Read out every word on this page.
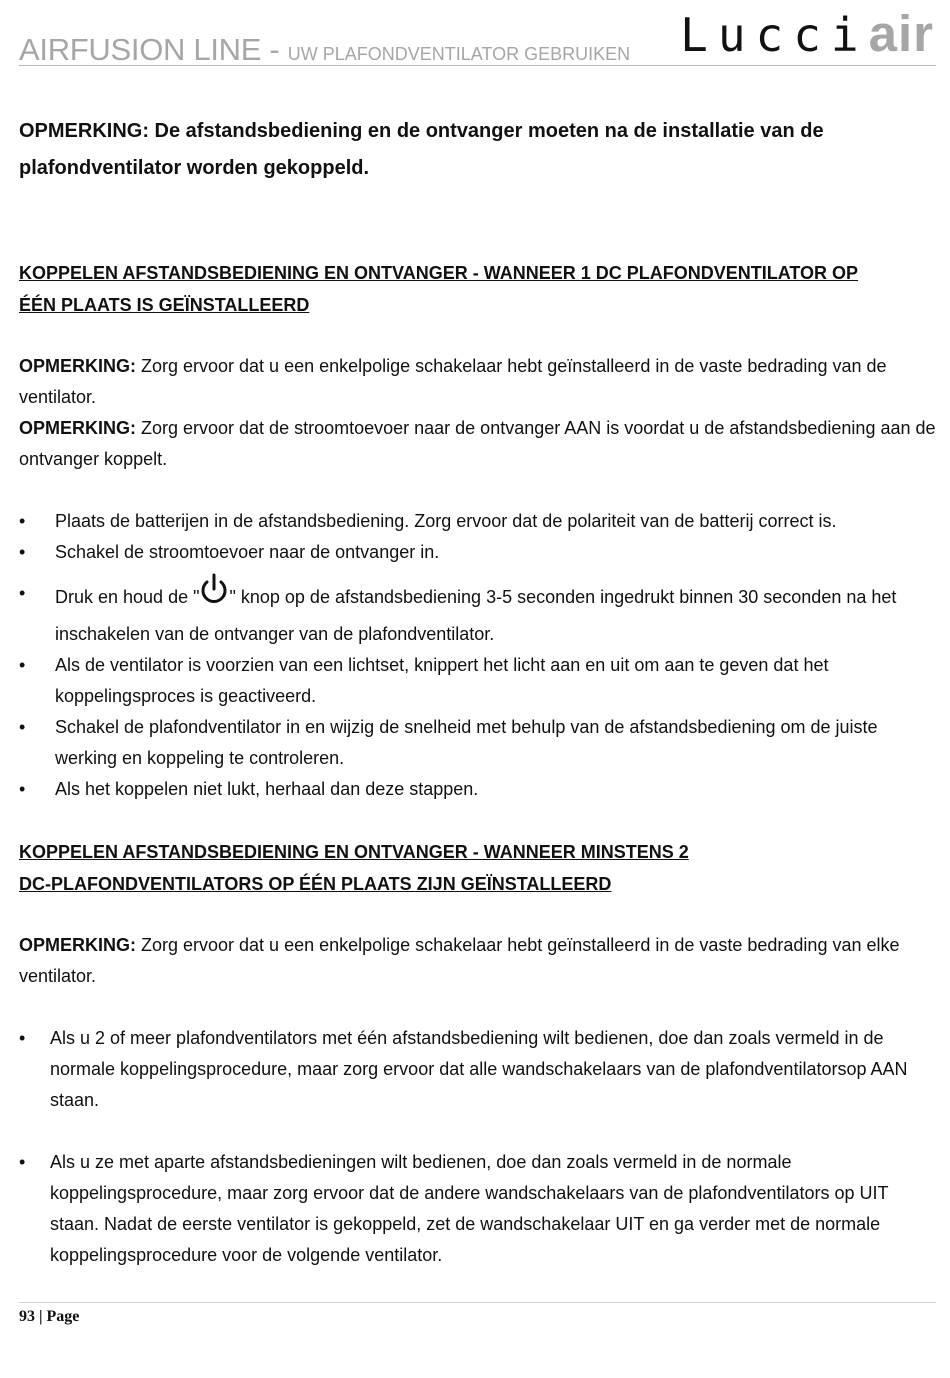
AIRFUSION LINE - UW PLAFONDVENTILATOR GEBRUIKEN Lucciair

OPMERKING: De afstandsbediening en de ontvanger moeten na de installatie van de plafondventilator worden gekoppeld.

KOPPELEN AFSTANDSBEDIENING EN ONTVANGER - WANNEER 1 DC PLAFONDVENTILATOR OP
ÉÉN PLAATS IS GEÏNSTALLEERD

OPMERKING: Zorg ervoor dat u een enkelpolige schakelaar hebt geïnstalleerd in de vaste bedrading van de ventilator.

OPMERKING: Zorg ervoor dat de stroomtoevoer naar de ontvanger AAN is voordat u de afstandsbediening aan de ontvanger koppelt.

• Plaats de batterijen in de afstandsbediening. Zorg ervoor dat de polariteit van de batterij correct is.
• Schakel de stroomtoevoer naar de ontvanger in.
• Druk en houd de " " knop op de afstandsbediening 3-5 seconden ingedrukt binnen 30 seconden na het
inschakelen van de ontvanger van de plafondventilator.
• Als de ventilator is voorzien van een lichtset, knippert het licht aan en uit om aan te geven dat het koppelingsproces is geactiveerd.
• Schakel de plafondventilator in en wijzig de snelheid met behulp van de afstandsbediening om de juiste werking en koppeling te controleren.
• Als het koppelen niet lukt, herhaal dan deze stappen.

KOPPELEN AFSTANDSBEDIENING EN ONTVANGER - WANNEER MINSTENS 2
DC-PLAFONDVENTILATORS OP ÉÉN PLAATS ZIJN GEÏNSTALLEERD

OPMERKING: Zorg ervoor dat u een enkelpolige schakelaar hebt geïnstalleerd in de vaste bedrading van elke ventilator.

• Als u 2 of meer plafondventilators met één afstandsbediening wilt bedienen, doe dan zoals vermeld in de normale koppelingsprocedure, maar zorg ervoor dat alle wandschakelaars van de plafondventilatorsop AAN staan.
• Als u ze met aparte afstandsbedieningen wilt bedienen, doe dan zoals vermeld in de normale koppelingsprocedure, maar zorg ervoor dat de andere wandschakelaars van de plafondventilators op UIT staan. Nadat de eerste ventilator is gekoppeld, zet de wandschakelaar UIT en ga verder met de normale koppelingsprocedure voor de volgende ventilator.
93 | Page
